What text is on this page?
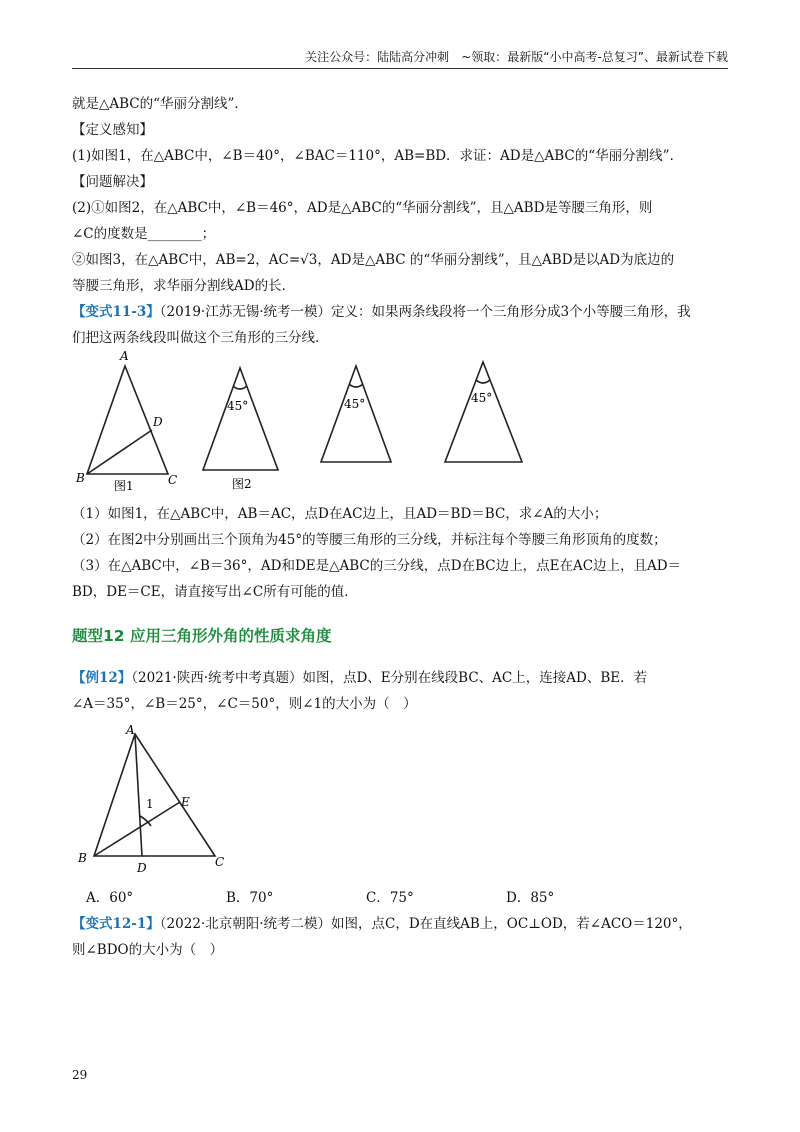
关注公众号：陆陆高分冲刺　~领取：最新版“小中高考-总复习”、最新试卷下载
就是△ABC的“华丽分割线”．
【定义感知】
(1)如图1，在△ABC中，∠B＝40°，∠BAC＝110°，AB=BD．求证：AD是△ABC的“华丽分割线”．
【问题解决】
(2)①如图2，在△ABC中，∠B＝46°，AD是△ABC的“华丽分割线”，且△ABD是等腰三角形，则
∠C的度数是________；
②如图3，在△ABC中，AB=2，AC=√3，AD是△ABC 的“华丽分割线”，且△ABD是以AD为底边的
等腰三角形，求华丽分割线AD的长．
【变式11-3】（2019·江苏无锡·统考一模）定义：如果两条线段将一个三角形分成3个小等腰三角形，我
们把这两条线段叫做这个三角形的三分线．
A
D
B	C
图1	图2
45°	45°	45°
（1）如图1，在△ABC中，AB＝AC，点D在AC边上，且AD＝BD＝BC，求∠A的大小；
（2）在图2中分别画出三个顶角为45°的等腰三角形的三分线，并标注每个等腰三角形顶角的度数；
（3）在△ABC中，∠B＝36°，AD和DE是△ABC的三分线，点D在BC边上，点E在AC边上，且AD＝
BD，DE＝CE，请直接写出∠C所有可能的值．
题型12 应用三角形外角的性质求角度
【例12】（2021·陕西·统考中考真题）如图，点D、E分别在线段BC、AC上，连接AD、BE．若
∠A＝35°，∠B＝25°，∠C＝50°，则∠1的大小为（　）
A
E
B
D	C
1
A．60°	B．70°	C．75°	D．85°
【变式12-1】（2022·北京朝阳·统考二模）如图，点C，D在直线AB上，OC⊥OD，若∠ACO＝120°，
则∠BDO的大小为（　）
29
